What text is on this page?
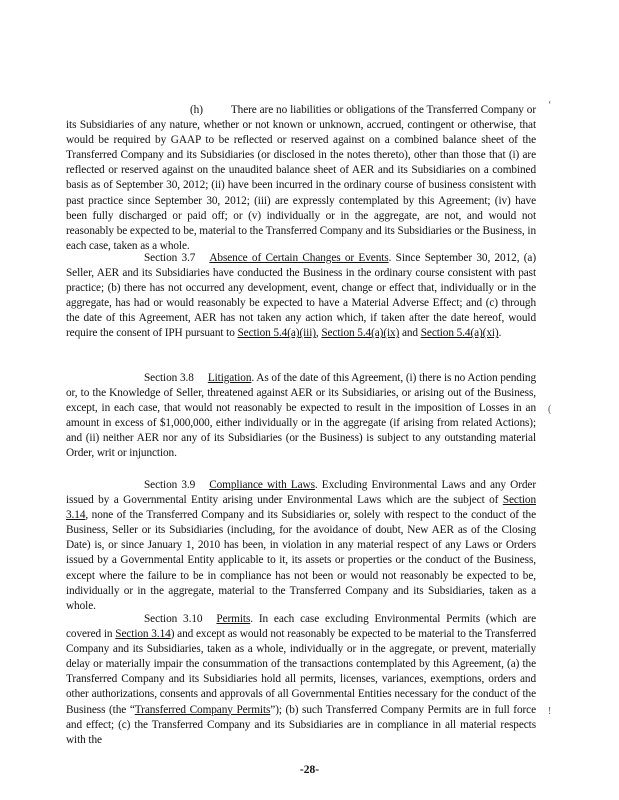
(h) There are no liabilities or obligations of the Transferred Company or its Subsidiaries of any nature, whether or not known or unknown, accrued, contingent or otherwise, that would be required by GAAP to be reflected or reserved against on a combined balance sheet of the Transferred Company and its Subsidiaries (or disclosed in the notes thereto), other than those that (i) are reflected or reserved against on the unaudited balance sheet of AER and its Subsidiaries on a combined basis as of September 30, 2012; (ii) have been incurred in the ordinary course of business consistent with past practice since September 30, 2012; (iii) are expressly contemplated by this Agreement; (iv) have been fully discharged or paid off; or (v) individually or in the aggregate, are not, and would not reasonably be expected to be, material to the Transferred Company and its Subsidiaries or the Business, in each case, taken as a whole.

Section 3.7 Absence of Certain Changes or Events. Since September 30, 2012, (a) Seller, AER and its Subsidiaries have conducted the Business in the ordinary course consistent with past practice; (b) there has not occurred any development, event, change or effect that, individually or in the aggregate, has had or would reasonably be expected to have a Material Adverse Effect; and (c) through the date of this Agreement, AER has not taken any action which, if taken after the date hereof, would require the consent of IPH pursuant to Section 5.4(a)(iii), Section 5.4(a)(ix) and Section 5.4(a)(xi).

Section 3.8 Litigation. As of the date of this Agreement, (i) there is no Action pending or, to the Knowledge of Seller, threatened against AER or its Subsidiaries, or arising out of the Business, except, in each case, that would not reasonably be expected to result in the imposition of Losses in an amount in excess of $1,000,000, either individually or in the aggregate (if arising from related Actions); and (ii) neither AER nor any of its Subsidiaries (or the Business) is subject to any outstanding material Order, writ or injunction.

Section 3.9 Compliance with Laws. Excluding Environmental Laws and any Order issued by a Governmental Entity arising under Environmental Laws which are the subject of Section 3.14, none of the Transferred Company and its Subsidiaries or, solely with respect to the conduct of the Business, Seller or its Subsidiaries (including, for the avoidance of doubt, New AER as of the Closing Date) is, or since January 1, 2010 has been, in violation in any material respect of any Laws or Orders issued by a Governmental Entity applicable to it, its assets or properties or the conduct of the Business, except where the failure to be in compliance has not been or would not reasonably be expected to be, individually or in the aggregate, material to the Transferred Company and its Subsidiaries, taken as a whole.

Section 3.10 Permits. In each case excluding Environmental Permits (which are covered in Section 3.14) and except as would not reasonably be expected to be material to the Transferred Company and its Subsidiaries, taken as a whole, individually or in the aggregate, or prevent, materially delay or materially impair the consummation of the transactions contemplated by this Agreement, (a) the Transferred Company and its Subsidiaries hold all permits, licenses, variances, exemptions, orders and other authorizations, consents and approvals of all Governmental Entities necessary for the conduct of the Business (the “Transferred Company Permits”); (b) such Transferred Company Permits are in full force and effect; (c) the Transferred Company and its Subsidiaries are in compliance in all material respects with the

‘
(
!
-28-
